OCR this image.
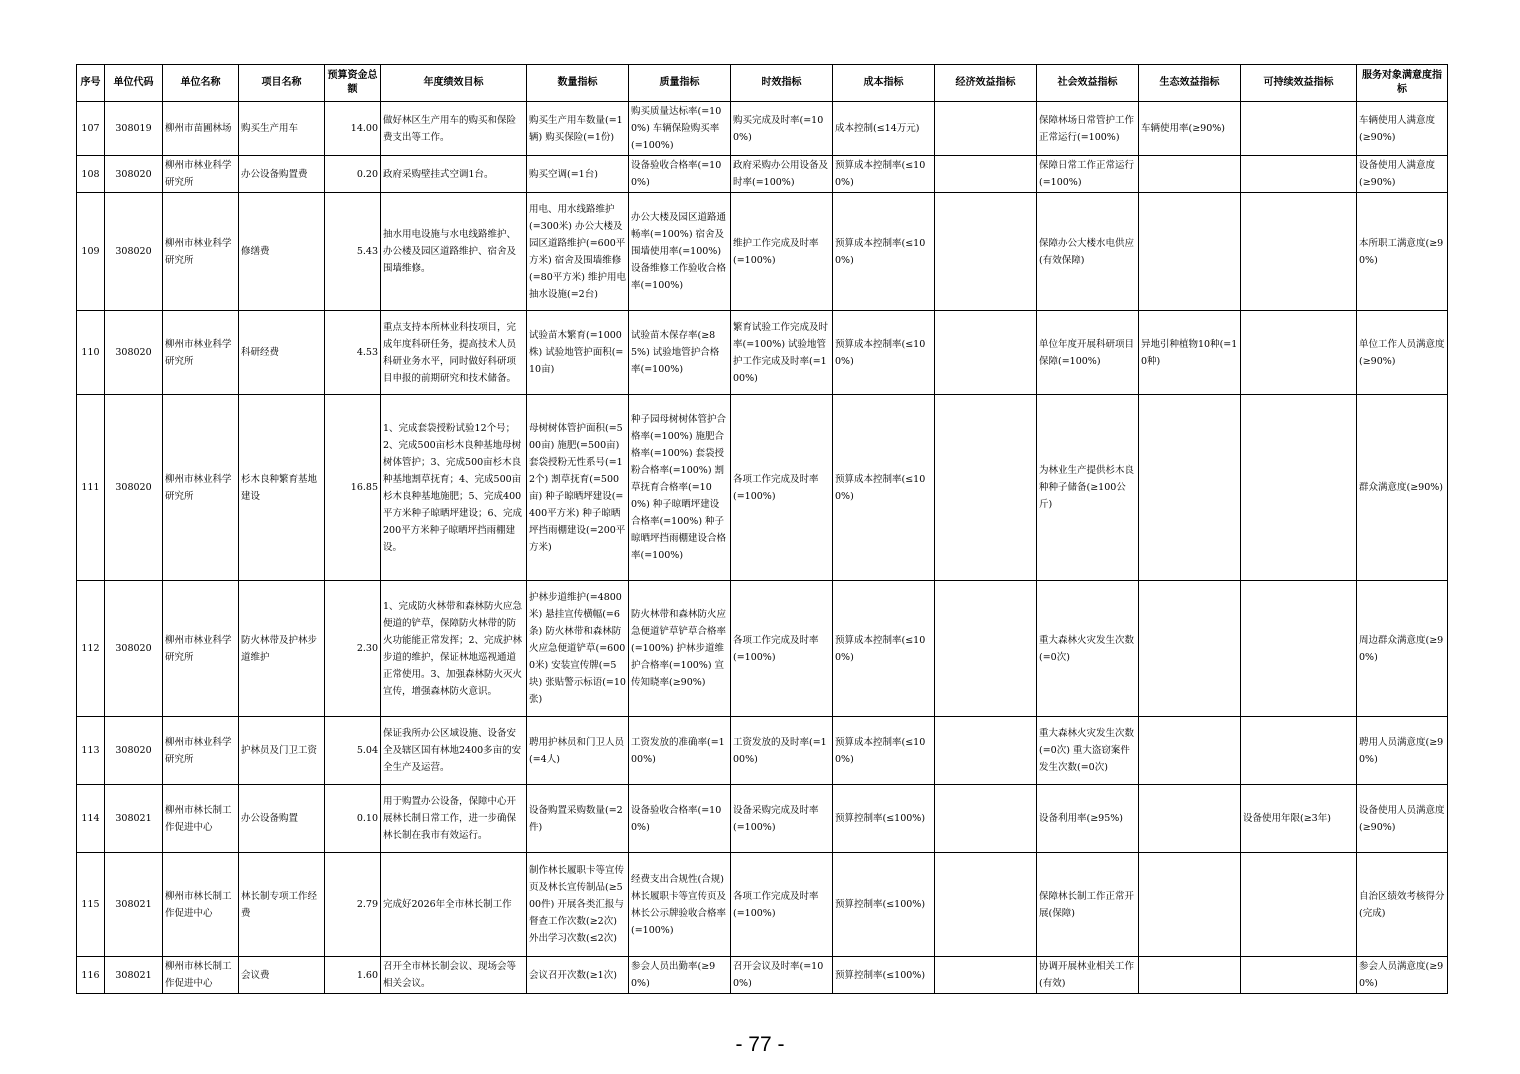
序号	单位代码	单位名称	项目名称	预算资金总额	年度绩效目标	数量指标	质量指标	时效指标	成本指标	经济效益指标	社会效益指标	生态效益指标	可持续效益指标	服务对象满意度指标
107	308019	柳州市苗圃林场	购买生产用车	14.00	做好林区生产用车的购买和保险费支出等工作。	购买生产用车数量(=1辆) 购买保险(=1份)	购买质量达标率(=100%) 车辆保险购买率(=100%)	购买完成及时率(=100%)	成本控制(≤14万元)		保障林场日常管护工作正常运行(=100%)	车辆使用率(≥90%)		车辆使用人满意度(≥90%)
108	308020	柳州市林业科学研究所	办公设备购置费	0.20	政府采购壁挂式空调1台。	购买空调(=1台)	设备验收合格率(=100%)	政府采购办公用设备及时率(=100%)	预算成本控制率(≤100%)		保障日常工作正常运行(=100%)			设备使用人满意度(≥90%)
109	308020	柳州市林业科学研究所	修缮费	5.43	抽水用电设施与水电线路维护、办公楼及园区道路维护、宿舍及围墙维修。	用电、用水线路维护(=300米) 办公大楼及园区道路维护(=600平方米) 宿舍及围墙维修(=80平方米) 维护用电抽水设施(=2台)	办公大楼及园区道路通畅率(=100%) 宿舍及围墙使用率(=100%) 设备维修工作验收合格率(=100%)	维护工作完成及时率(=100%)	预算成本控制率(≤100%)		保障办公大楼水电供应(有效保障)			本所职工满意度(≥90%)
110	308020	柳州市林业科学研究所	科研经费	4.53	重点支持本所林业科技项目，完成年度科研任务，提高技术人员科研业务水平，同时做好科研项目申报的前期研究和技术储备。	试验苗木繁育(=1000株) 试验地管护面积(=10亩)	试验苗木保存率(≥85%) 试验地管护合格率(=100%)	繁育试验工作完成及时率(=100%) 试验地管护工作完成及时率(=100%)	预算成本控制率(≤100%)		单位年度开展科研项目保障(=100%)	异地引种植物10种(=10种)		单位工作人员满意度(≥90%)
111	308020	柳州市林业科学研究所	杉木良种繁育基地建设	16.85	1、完成套袋授粉试验12个号；2、完成500亩杉木良种基地母树树体管护；3、完成500亩杉木良种基地割草抚育；4、完成500亩杉木良种基地施肥；5、完成400平方米种子晾晒坪建设；6、完成200平方米种子晾晒坪挡雨棚建设。	母树树体管护面积(=500亩) 施肥(=500亩) 套袋授粉无性系号(=12个) 割草抚育(=500亩) 种子晾晒坪建设(=400平方米) 种子晾晒坪挡雨棚建设(=200平方米)	种子园母树树体管护合格率(=100%) 施肥合格率(=100%) 套袋授粉合格率(=100%) 割草抚育合格率(=100%) 种子晾晒坪建设合格率(=100%) 种子晾晒坪挡雨棚建设合格率(=100%)	各项工作完成及时率(=100%)	预算成本控制率(≤100%)		为林业生产提供杉木良种种子储备(≥100公斤)			群众满意度(≥90%)
112	308020	柳州市林业科学研究所	防火林带及护林步道维护	2.30	1、完成防火林带和森林防火应急便道的铲草，保障防火林带的防火功能能正常发挥；2、完成护林步道的维护，保证林地巡视通道正常使用。3、加强森林防火灭火宣传，增强森林防火意识。	护林步道维护(=4800米) 悬挂宣传横幅(=6条) 防火林带和森林防火应急便道铲草(=6000米) 安装宣传牌(=5块) 张贴警示标语(=10张)	防火林带和森林防火应急便道铲草铲草合格率(=100%) 护林步道维护合格率(=100%) 宣传知晓率(≥90%)	各项工作完成及时率(=100%)	预算成本控制率(≤100%)		重大森林火灾发生次数(=0次)			周边群众满意度(≥90%)
113	308020	柳州市林业科学研究所	护林员及门卫工资	5.04	保证我所办公区域设施、设备安全及辖区国有林地2400多亩的安全生产及运营。	聘用护林员和门卫人员(=4人)	工资发放的准确率(=100%)	工资发放的及时率(=100%)	预算成本控制率(≤100%)		重大森林火灾发生次数(=0次) 重大盗窃案件发生次数(=0次)			聘用人员满意度(≥90%)
114	308021	柳州市林长制工作促进中心	办公设备购置	0.10	用于购置办公设备，保障中心开展林长制日常工作，进一步确保林长制在我市有效运行。	设备购置采购数量(=2件)	设备验收合格率(=100%)	设备采购完成及时率(=100%)	预算控制率(≤100%)		设备利用率(≥95%)		设备使用年限(≥3年)	设备使用人员满意度(≥90%)
115	308021	柳州市林长制工作促进中心	林长制专项工作经费	2.79	完成好2026年全市林长制工作	制作林长履职卡等宣传页及林长宣传制品(≥500件) 开展各类汇报与督查工作次数(≥2次) 外出学习次数(≤2次)	经费支出合规性(合规) 林长履职卡等宣传页及林长公示牌验收合格率(=100%)	各项工作完成及时率(=100%)	预算控制率(≤100%)		保障林长制工作正常开展(保障)			自治区绩效考核得分(完成)
116	308021	柳州市林长制工作促进中心	会议费	1.60	召开全市林长制会议、现场会等相关会议。	会议召开次数(≥1次)	参会人员出勤率(≥90%)	召开会议及时率(=100%)	预算控制率(≤100%)		协调开展林业相关工作(有效)			参会人员满意度(≥90%)
- 77 -
